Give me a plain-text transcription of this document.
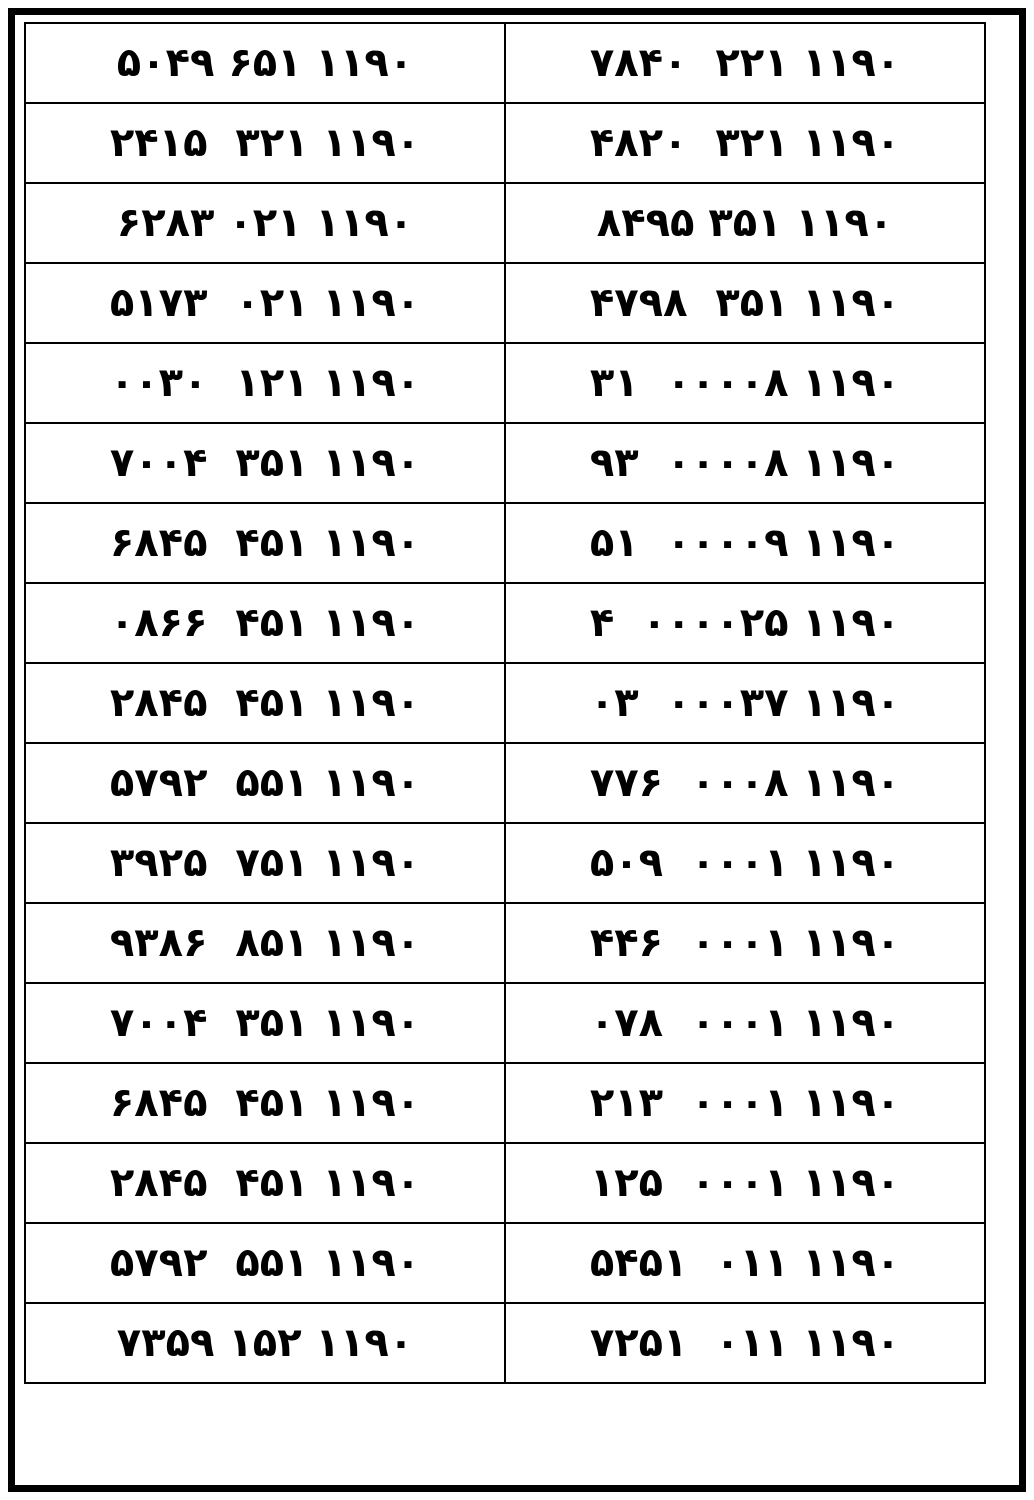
۰۹۱۱ ۱۵۶ ۹۴۰۵	۰۹۱۱ ۱۲۲  ۰۴۸۷
۰۹۱۱ ۱۲۳  ۵۱۴۲	۰۹۱۱ ۱۲۳  ۰۲۸۴
۰۹۱۱ ۱۲۰ ۳۸۲۶	۰۹۱۱ ۱۵۳ ۵۹۴۸
۰۹۱۱ ۱۲۰  ۳۷۱۵	۰۹۱۱ ۱۵۳  ۸۹۷۴
۰۹۱۱ ۱۲۱  ۰۳۰۰	۰۹۱۱ ۸۰۰۰۰  ۱۳
۰۹۱۱ ۱۵۳  ۴۰۰۷	۰۹۱۱ ۸۰۰۰۰  ۳۹
۰۹۱۱ ۱۵۴  ۵۴۸۶	۰۹۱۱ ۹۰۰۰۰  ۱۵
۰۹۱۱ ۱۵۴  ۶۶۸۰	۰۹۱۱ ۵۲۰۰۰۰  ۴
۰۹۱۱ ۱۵۴  ۵۴۸۲	۰۹۱۱ ۷۳۰۰۰  ۳۰
۰۹۱۱ ۱۵۵  ۲۹۷۵	۰۹۱۱ ۸۰۰۰  ۶۷۷
۰۹۱۱ ۱۵۷  ۵۲۹۳	۰۹۱۱ ۱۰۰۰  ۹۰۵
۰۹۱۱ ۱۵۸  ۶۸۳۹	۰۹۱۱ ۱۰۰۰  ۶۴۴
۰۹۱۱ ۱۵۳  ۴۰۰۷	۰۹۱۱ ۱۰۰۰  ۸۷۰
۰۹۱۱ ۱۵۴  ۵۴۸۶	۰۹۱۱ ۱۰۰۰  ۳۱۲
۰۹۱۱ ۱۵۴  ۵۴۸۲	۰۹۱۱ ۱۰۰۰  ۵۲۱
۰۹۱۱ ۱۵۵  ۲۹۷۵	۰۹۱۱ ۱۱۰  ۱۵۴۵
۰۹۱۱ ۲۵۱ ۹۵۳۷	۰۹۱۱ ۱۱۰  ۱۵۲۷
